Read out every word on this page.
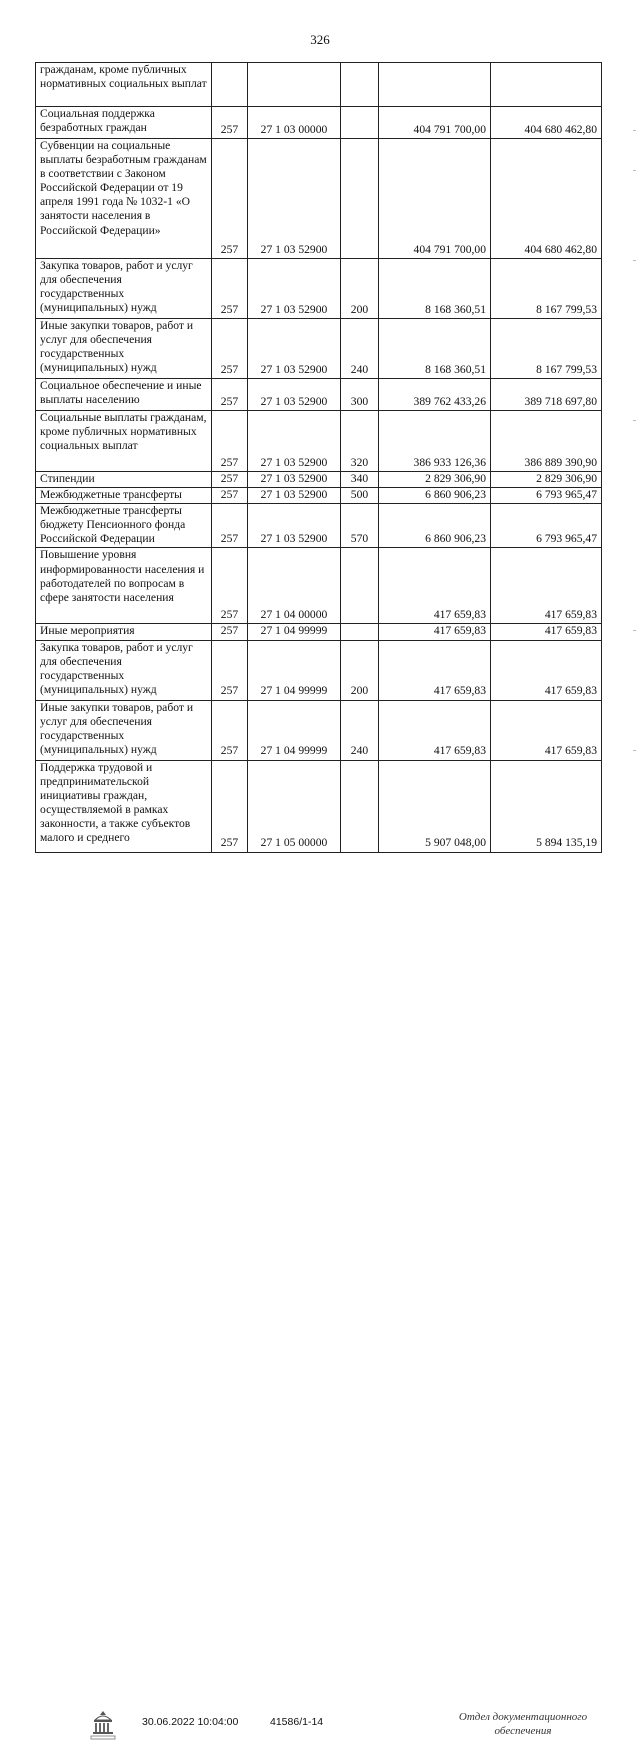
326
гражданам, кроме публичных нормативных социальных выплат					
Социальная поддержка безработных граждан	257	27 1 03 00000		404 791 700,00	404 680 462,80
Субвенции на социальные выплаты безработным гражданам в соответствии с Законом Российской Федерации от 19 апреля 1991 года № 1032-1 «О занятости населения в Российской Федерации»	257	27 1 03 52900		404 791 700,00	404 680 462,80
Закупка товаров, работ и услуг для обеспечения государственных (муниципальных) нужд	257	27 1 03 52900	200	8 168 360,51	8 167 799,53
Иные закупки товаров, работ и услуг для обеспечения государственных (муниципальных) нужд	257	27 1 03 52900	240	8 168 360,51	8 167 799,53
Социальное обеспечение и иные выплаты населению	257	27 1 03 52900	300	389 762 433,26	389 718 697,80
Социальные выплаты гражданам, кроме публичных нормативных социальных выплат	257	27 1 03 52900	320	386 933 126,36	386 889 390,90
Стипендии	257	27 1 03 52900	340	2 829 306,90	2 829 306,90
Межбюджетные трансферты	257	27 1 03 52900	500	6 860 906,23	6 793 965,47
Межбюджетные трансферты бюджету Пенсионного фонда Российской Федерации	257	27 1 03 52900	570	6 860 906,23	6 793 965,47
Повышение уровня информированности населения и работодателей по вопросам в сфере занятости населения	257	27 1 04 00000		417 659,83	417 659,83
Иные мероприятия	257	27 1 04 99999		417 659,83	417 659,83
Закупка товаров, работ и услуг для обеспечения государственных (муниципальных) нужд	257	27 1 04 99999	200	417 659,83	417 659,83
Иные закупки товаров, работ и услуг для обеспечения государственных (муниципальных) нужд	257	27 1 04 99999	240	417 659,83	417 659,83
Поддержка трудовой и предпринимательской инициативы граждан, осуществляемой в рамках законности, а также субъектов малого и среднего	257	27 1 05 00000		5 907 048,00	5 894 135,19
30.06.2022 10:04:00	41586/1-14	Отдел документационного обеспечения
